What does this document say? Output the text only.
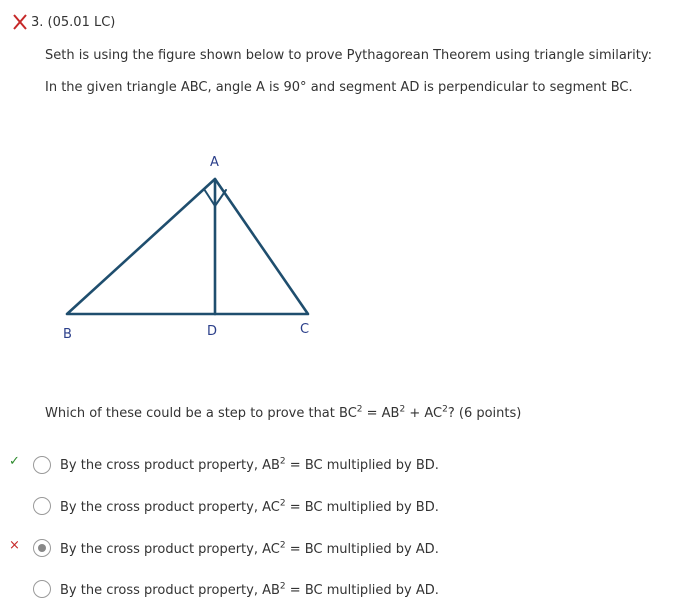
3. (05.01 LC)
Seth is using the figure shown below to prove Pythagorean Theorem using triangle similarity:
In the given triangle ABC, angle A is 90° and segment AD is perpendicular to segment BC.
A
B	D	C
Which of these could be a step to prove that $BC^2 = AB^2 + AC^2$? (6 points)
✓	By the cross product property, $AB^2$ = BC multiplied by BD.
By the cross product property, $AC^2$ = BC multiplied by BD.
×	By the cross product property, $AC^2$ = BC multiplied by AD.
By the cross product property, $AB^2$ = BC multiplied by AD.
